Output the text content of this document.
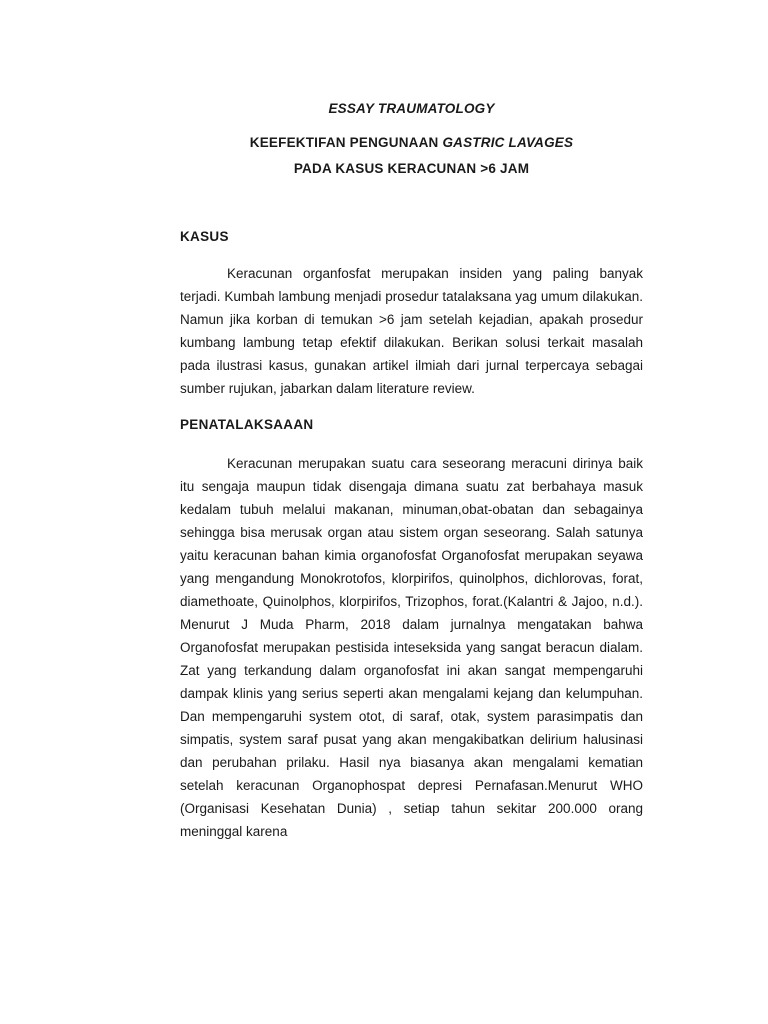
ESSAY TRAUMATOLOGY

KEEFEKTIFAN PENGUNAAN GASTRIC LAVAGES

PADA KASUS KERACUNAN >6 JAM

KASUS

Keracunan organfosfat merupakan insiden yang paling banyak terjadi. Kumbah lambung menjadi prosedur tatalaksana yag umum dilakukan. Namun jika korban di temukan >6 jam setelah kejadian, apakah prosedur kumbang lambung tetap efektif dilakukan. Berikan solusi terkait masalah pada ilustrasi kasus, gunakan artikel ilmiah dari jurnal terpercaya sebagai sumber rujukan, jabarkan dalam literature review.

PENATALAKSAAAN

Keracunan merupakan suatu cara seseorang meracuni dirinya baik itu sengaja maupun tidak disengaja dimana suatu zat berbahaya masuk kedalam tubuh melalui makanan, minuman,obat-obatan dan sebagainya sehingga bisa merusak organ atau sistem organ seseorang. Salah satunya yaitu keracunan bahan kimia organofosfat Organofosfat merupakan seyawa yang mengandung Monokrotofos, klorpirifos, quinolphos, dichlorovas, forat, diamethoate, Quinolphos, klorpirifos, Trizophos, forat.(Kalantri & Jajoo, n.d.). Menurut J Muda Pharm, 2018 dalam jurnalnya mengatakan bahwa Organofosfat merupakan pestisida inteseksida yang sangat beracun dialam. Zat yang terkandung dalam organofosfat ini akan sangat mempengaruhi dampak klinis yang serius seperti akan mengalami kejang dan kelumpuhan. Dan mempengaruhi system otot, di saraf, otak, system parasimpatis dan simpatis, system saraf pusat yang akan mengakibatkan delirium halusinasi dan perubahan prilaku. Hasil nya biasanya akan mengalami kematian setelah keracunan Organophospat depresi Pernafasan.Menurut WHO (Organisasi Kesehatan Dunia) , setiap tahun sekitar 200.000 orang meninggal karena
